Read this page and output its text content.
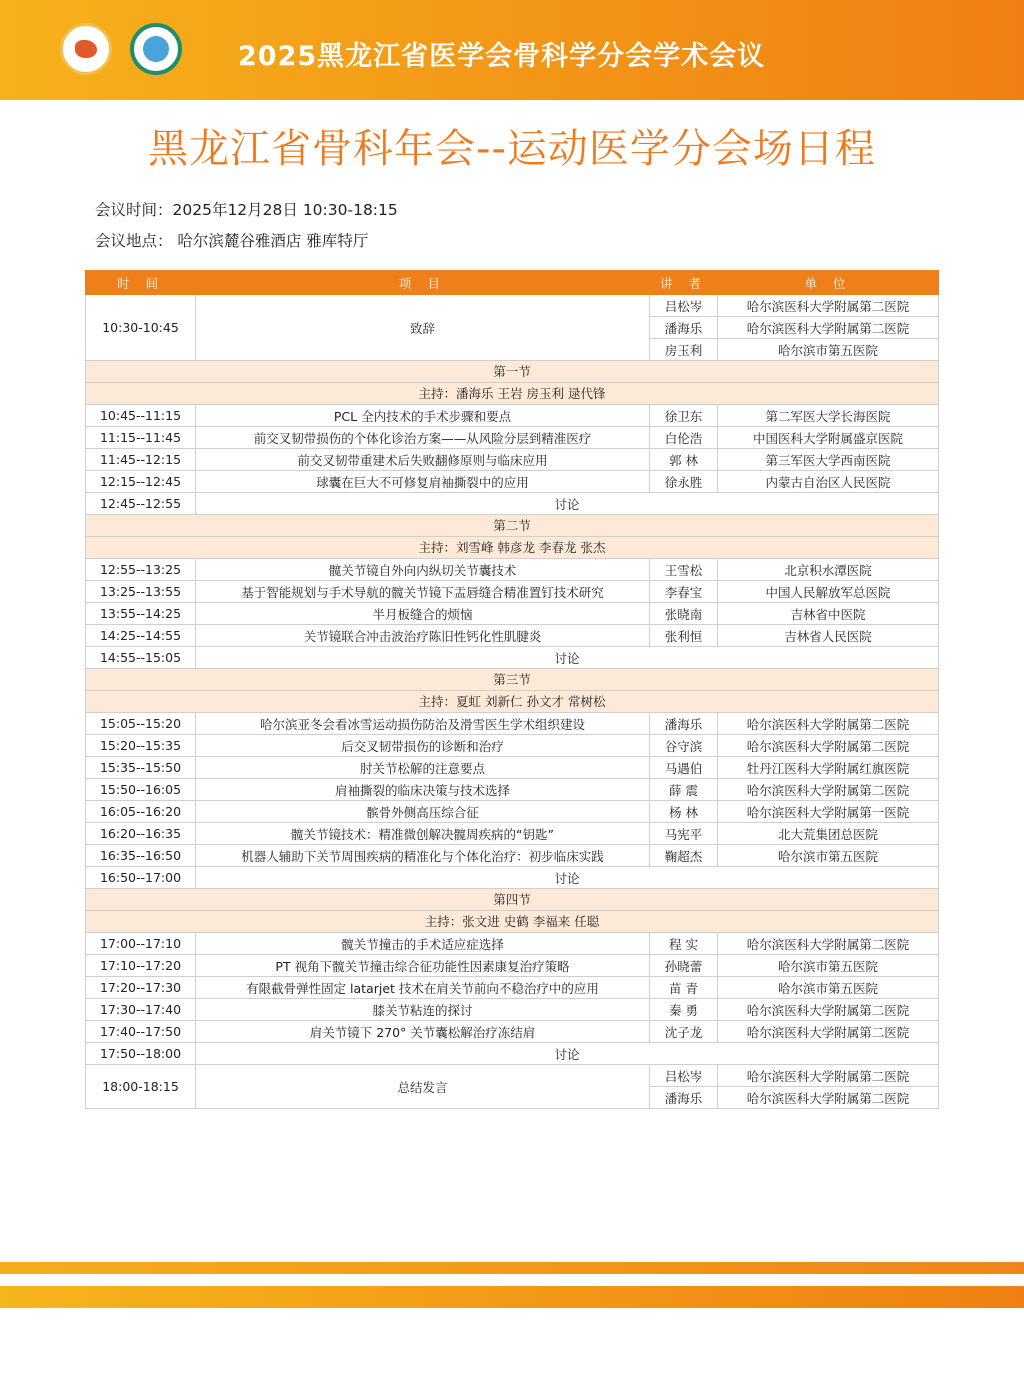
2025黑龙江省医学会骨科学分会学术会议
黑龙江省骨科年会--运动医学分会场日程
会议时间：2025年12月28日 10:30-18:15
会议地点： 哈尔滨麓谷雅酒店 雅库特厅
时 间	项 目	讲 者	单 位
10:30-10:45	致辞	吕松岑	哈尔滨医科大学附属第二医院
		潘海乐	哈尔滨医科大学附属第二医院
		房玉利	哈尔滨市第五医院
第一节			
主持：潘海乐 王岩 房玉利 逯代锋			
10:45--11:15	PCL 全内技术的手术步骤和要点	徐卫东	第二军医大学长海医院
11:15--11:45	前交叉韧带损伤的个体化诊治方案——从风险分层到精准医疗	白伦浩	中国医科大学附属盛京医院
11:45--12:15	前交叉韧带重建术后失败翻修原则与临床应用	郭 林	第三军医大学西南医院
12:15--12:45	球囊在巨大不可修复肩袖撕裂中的应用	徐永胜	内蒙古自治区人民医院
12:45--12:55	讨论		
第二节			
主持：刘雪峰 韩彦龙 李春龙 张杰			
12:55--13:25	髋关节镜自外向内纵切关节囊技术	王雪松	北京积水潭医院
13:25--13:55	基于智能规划与手术导航的髋关节镜下盂唇缝合精准置钉技术研究	李春宝	中国人民解放军总医院
13:55--14:25	半月板缝合的烦恼	张晓南	吉林省中医院
14:25--14:55	关节镜联合冲击波治疗陈旧性钙化性肌腱炎	张利恒	吉林省人民医院
14:55--15:05	讨论		
第三节			
主持：夏虹 刘新仁 孙文才 常树松			
15:05--15:20	哈尔滨亚冬会看冰雪运动损伤防治及滑雪医生学术组织建设	潘海乐	哈尔滨医科大学附属第二医院
15:20--15:35	后交叉韧带损伤的诊断和治疗	谷守滨	哈尔滨医科大学附属第二医院
15:35--15:50	肘关节松解的注意要点	马遇伯	牡丹江医科大学附属红旗医院
15:50--16:05	肩袖撕裂的临床决策与技术选择	薛 震	哈尔滨医科大学附属第二医院
16:05--16:20	髌骨外侧高压综合征	杨 林	哈尔滨医科大学附属第一医院
16:20--16:35	髋关节镜技术：精准微创解决髋周疾病的“钥匙”	马宪平	北大荒集团总医院
16:35--16:50	机器人辅助下关节周围疾病的精准化与个体化治疗：初步临床实践	鞠超杰	哈尔滨市第五医院
16:50--17:00	讨论		
第四节			
主持：张文进 史鹤 李福来 任聪			
17:00--17:10	髋关节撞击的手术适应症选择	程 实	哈尔滨医科大学附属第二医院
17:10--17:20	PT 视角下髋关节撞击综合征功能性因素康复治疗策略	孙晓蕾	哈尔滨市第五医院
17:20--17:30	有限截骨弹性固定 latarjet 技术在肩关节前向不稳治疗中的应用	苗 青	哈尔滨市第五医院
17:30--17:40	膝关节粘连的探讨	秦 勇	哈尔滨医科大学附属第二医院
17:40--17:50	肩关节镜下 270° 关节囊松解治疗冻结肩	沈子龙	哈尔滨医科大学附属第二医院
17:50--18:00	讨论		
18:00-18:15	总结发言	吕松岑	哈尔滨医科大学附属第二医院
		潘海乐	哈尔滨医科大学附属第二医院
